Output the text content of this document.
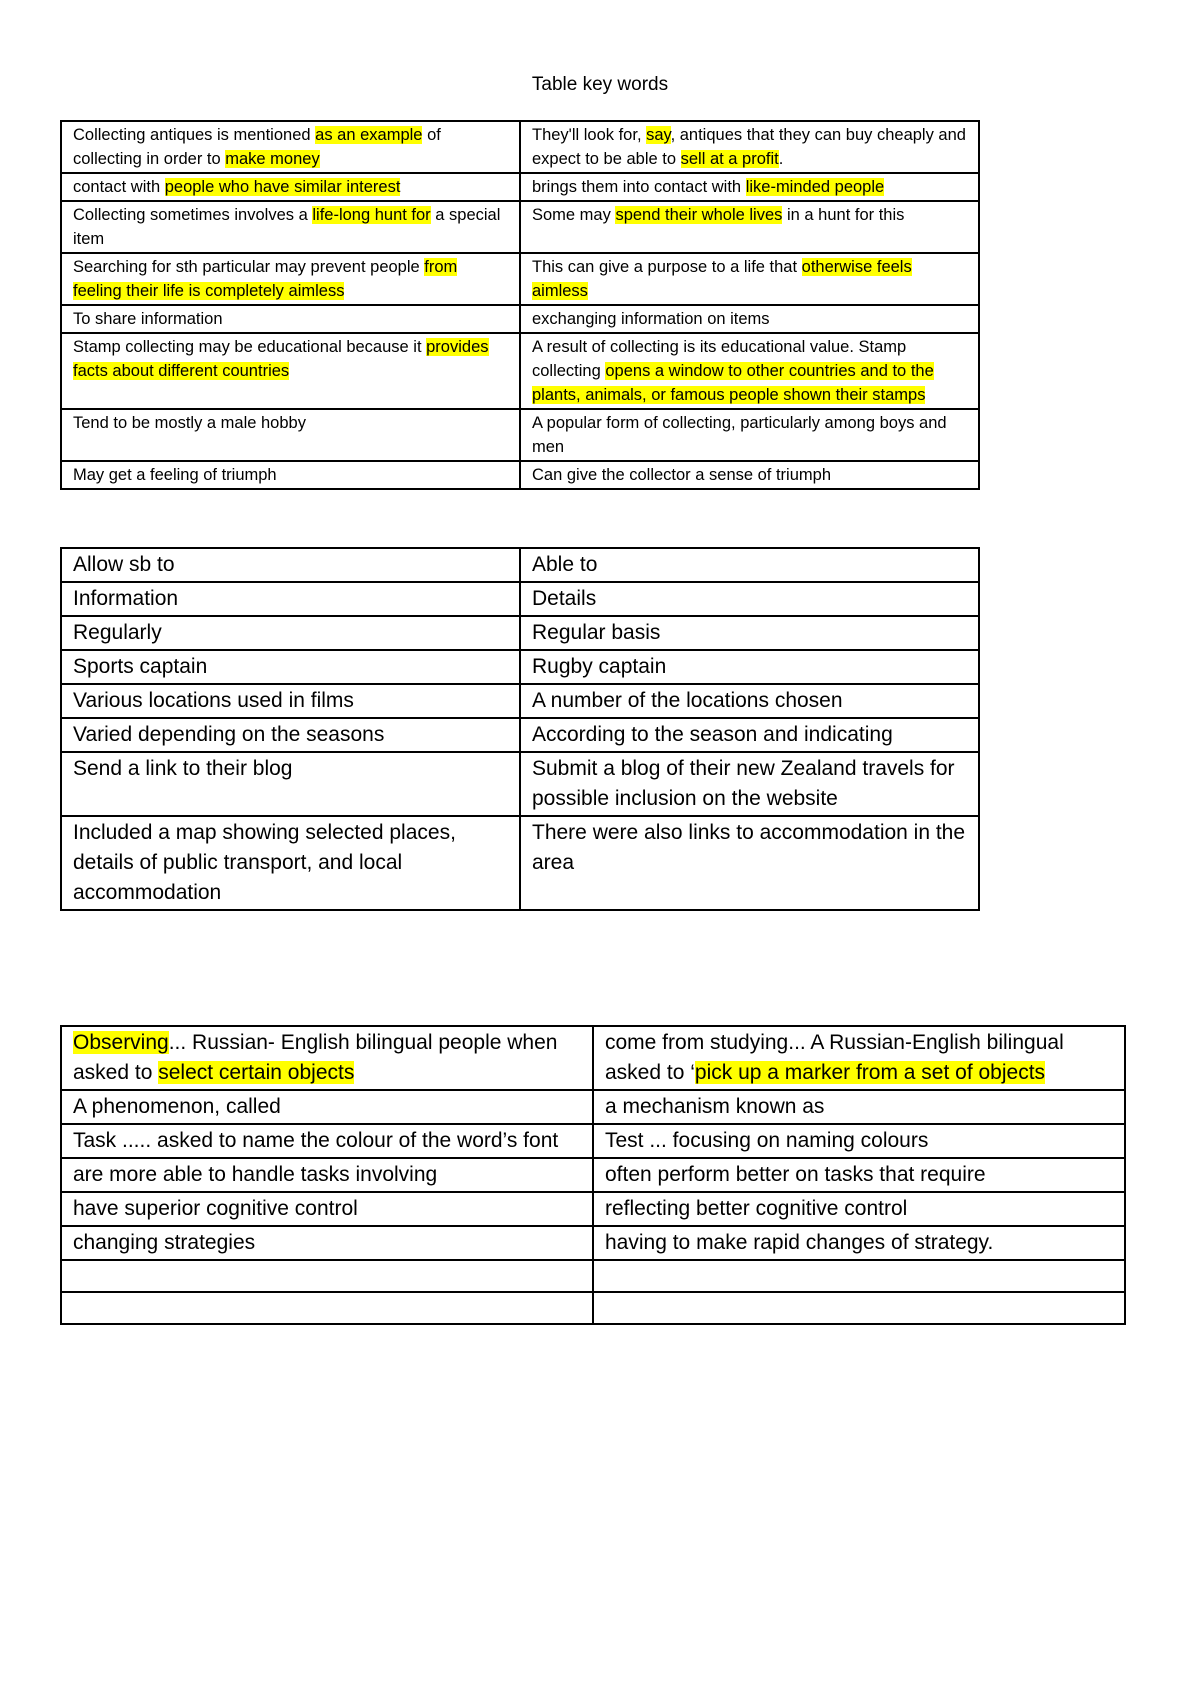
Table key words
Collecting antiques is mentioned as an example of collecting in order to make money	They'll look for, say, antiques that they can buy cheaply and expect to be able to sell at a profit.
contact with people who have similar interest	brings them into contact with like-minded people
Collecting sometimes involves a life-long hunt for a special item	Some may spend their whole lives in a hunt for this
Searching for sth particular may prevent people from feeling their life is completely aimless	This can give a purpose to a life that otherwise feels aimless
To share information	exchanging information on items
Stamp collecting may be educational because it provides facts about different countries	A result of collecting is its educational value. Stamp collecting opens a window to other countries and to the plants, animals, or famous people shown their stamps
Tend to be mostly a male hobby	A popular form of collecting, particularly among boys and men
May get a feeling of triumph	Can give the collector a sense of triumph
Allow sb to	Able to
Information	Details
Regularly	Regular basis
Sports captain	Rugby captain
Various locations used in films	A number of the locations chosen
Varied depending on the seasons	According to the season and indicating
Send a link to their blog	Submit a blog of their new Zealand travels for possible inclusion on the website
Included a map showing selected places, details of public transport, and local accommodation	There were also links to accommodation in the area
Observing... Russian- English bilingual people when asked to select certain objects	come from studying... A Russian-English bilingual asked to ‘pick up a marker from a set of objects
A phenomenon, called	a mechanism known as
Task ..... asked to name the colour of the word’s font	Test ... focusing on naming colours
are more able to handle tasks involving	often perform better on tasks that require
have superior cognitive control	reflecting better cognitive control
changing strategies	having to make rapid changes of strategy.
